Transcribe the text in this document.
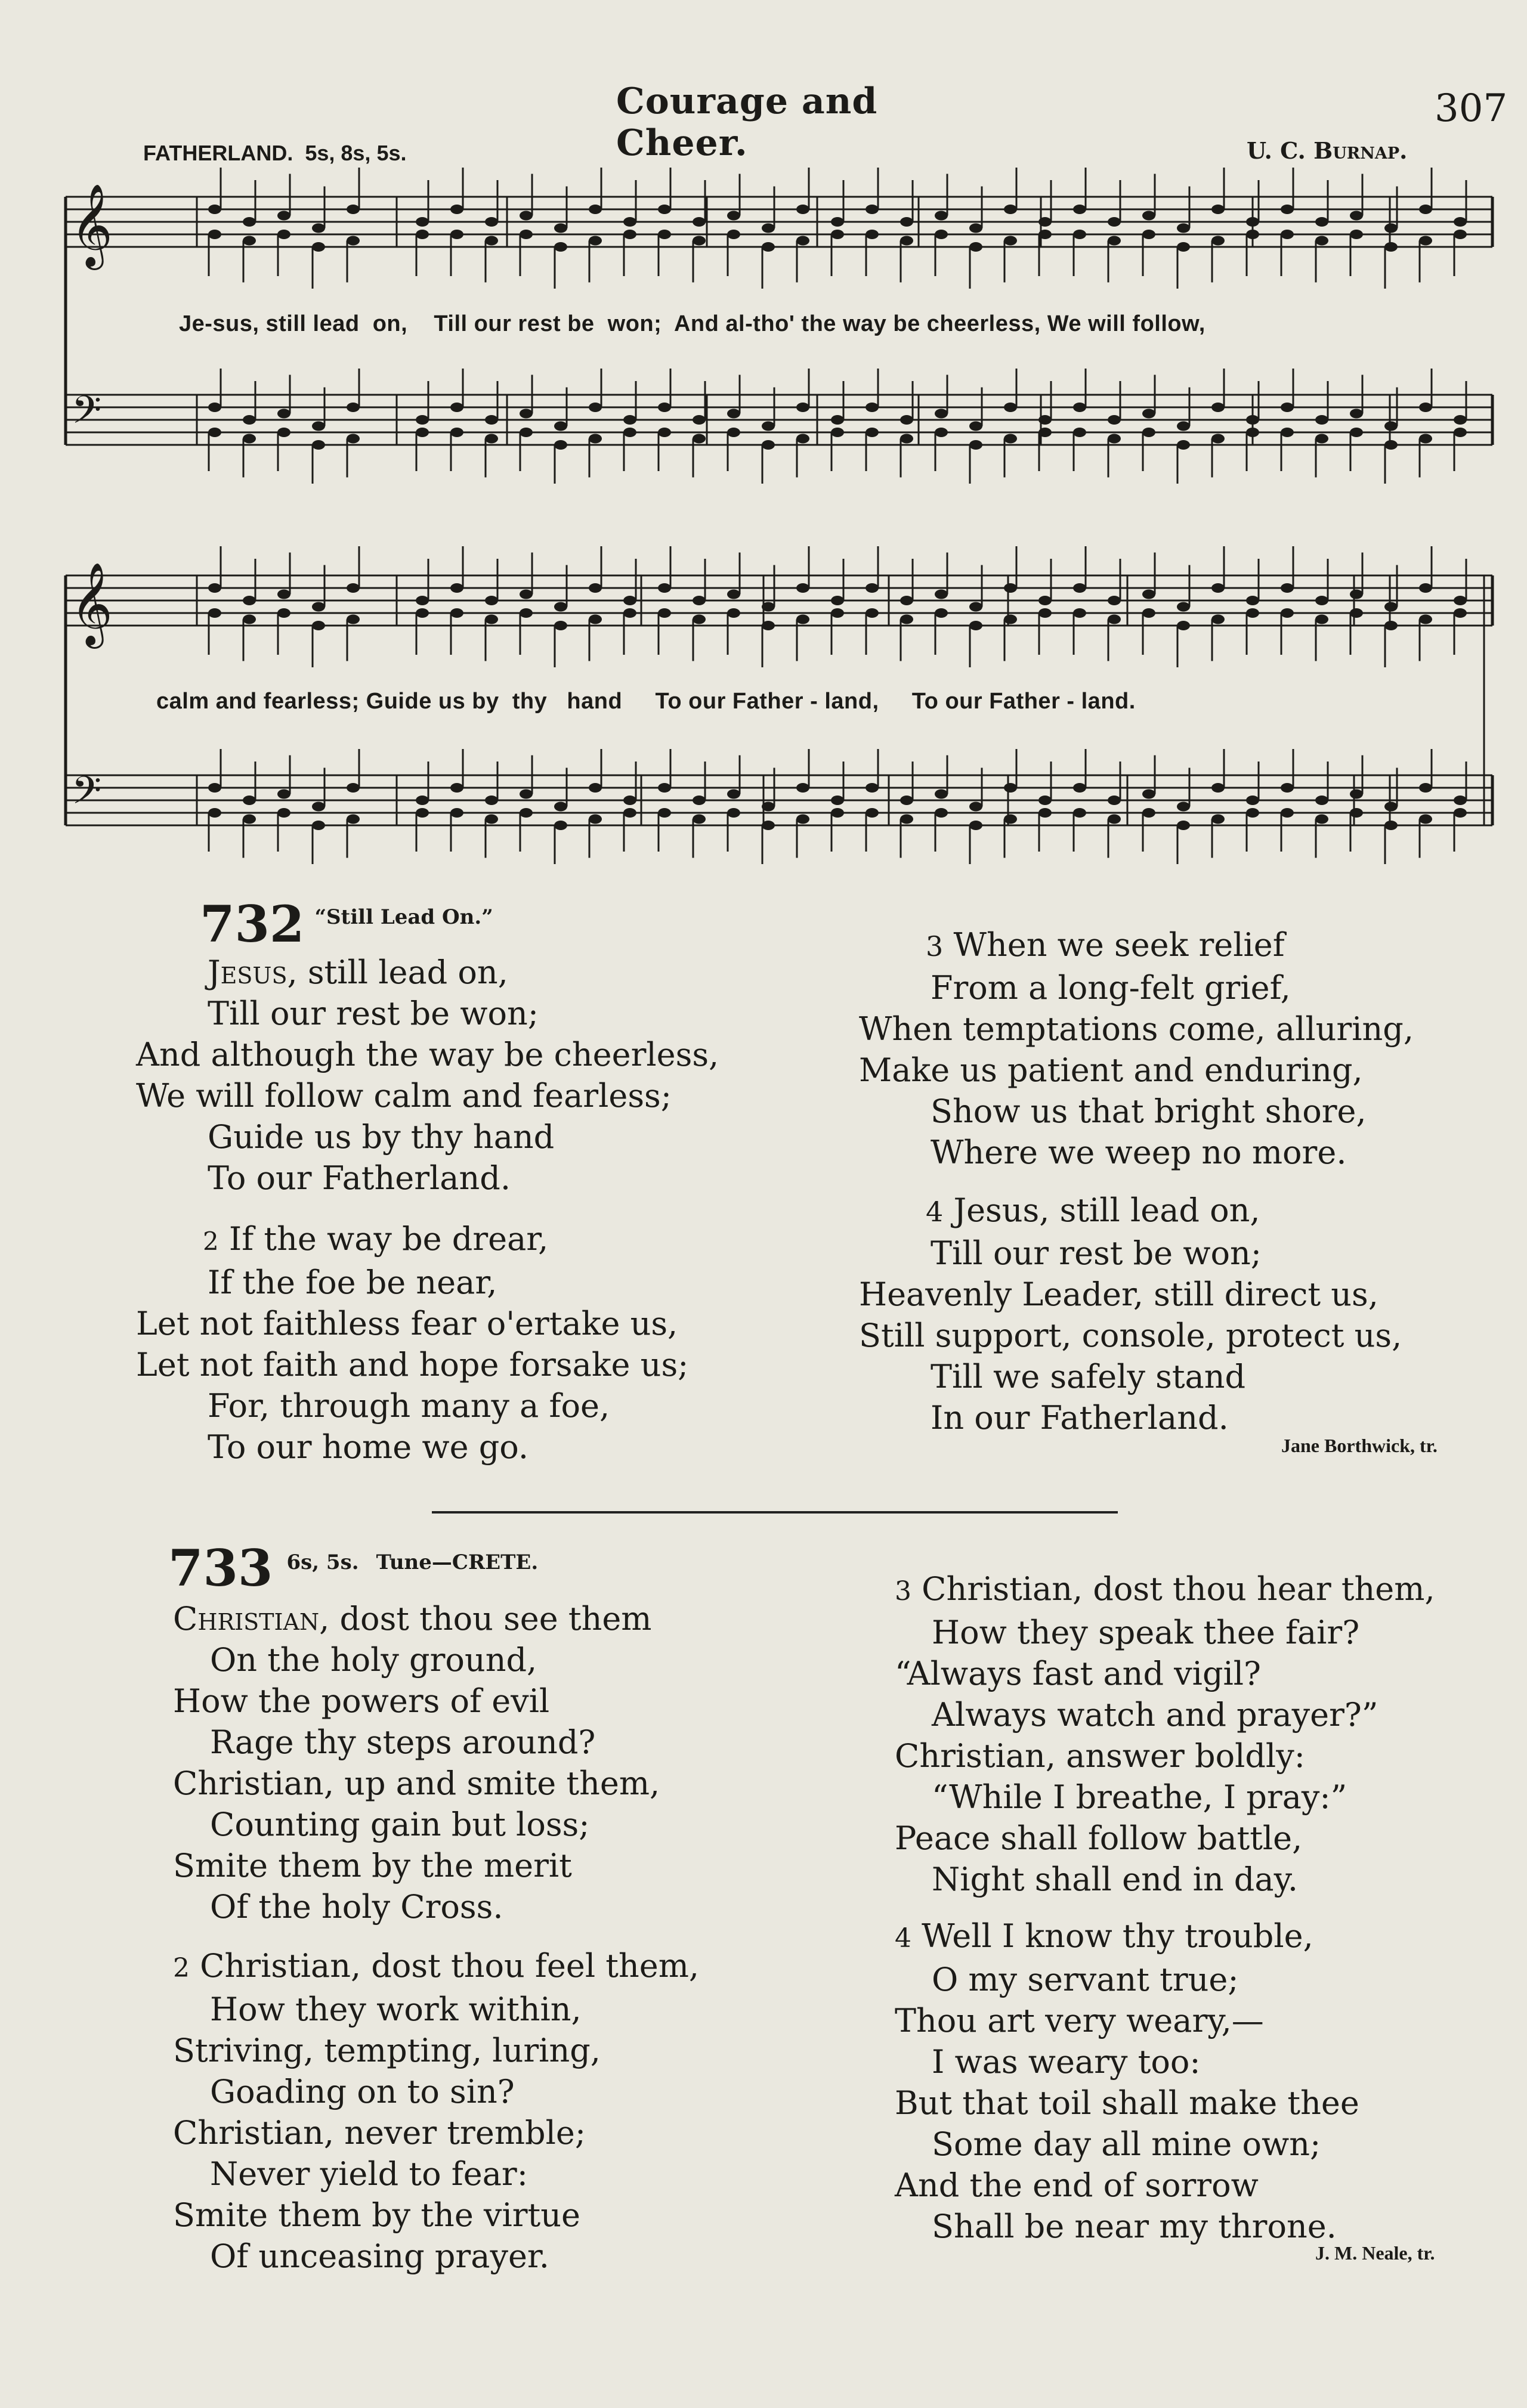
Courage and Cheer.
307
FATHERLAND. 5s, 8s, 5s.	U. C. Burnap.
𝄞
𝄞
𝄢
𝄢
Je-sus, still lead  on,    Till our rest be  won;  And al-tho' the way be cheerless, We will follow,
calm and fearless; Guide us by  thy   hand     To our Father - land,     To our Father - land.
732 “Still Lead On.”
Jesus, still lead on,
Till our rest be won;
And although the way be cheerless,
We will follow calm and fearless;
Guide us by thy hand
To our Fatherland.
2 If the way be drear,
If the foe be near,
Let not faithless fear o'ertake us,
Let not faith and hope forsake us;
For, through many a foe,
To our home we go.
3 When we seek relief
From a long-felt grief,
When temptations come, alluring,
Make us patient and enduring,
Show us that bright shore,
Where we weep no more.
4 Jesus, still lead on,
Till our rest be won;
Heavenly Leader, still direct us,
Still support, console, protect us,
Till we safely stand
In our Fatherland.
Jane Borthwick, tr.
733 6s, 5s. Tune—CRETE.
Christian, dost thou see them
On the holy ground,
How the powers of evil
Rage thy steps around?
Christian, up and smite them,
Counting gain but loss;
Smite them by the merit
Of the holy Cross.
2 Christian, dost thou feel them,
How they work within,
Striving, tempting, luring,
Goading on to sin?
Christian, never tremble;
Never yield to fear:
Smite them by the virtue
Of unceasing prayer.
3 Christian, dost thou hear them,
How they speak thee fair?
“Always fast and vigil?
Always watch and prayer?”
Christian, answer boldly:
“While I breathe, I pray:”
Peace shall follow battle,
Night shall end in day.
4 Well I know thy trouble,
O my servant true;
Thou art very weary,—
I was weary too:
But that toil shall make thee
Some day all mine own;
And the end of sorrow
Shall be near my throne.
J. M. Neale, tr.
